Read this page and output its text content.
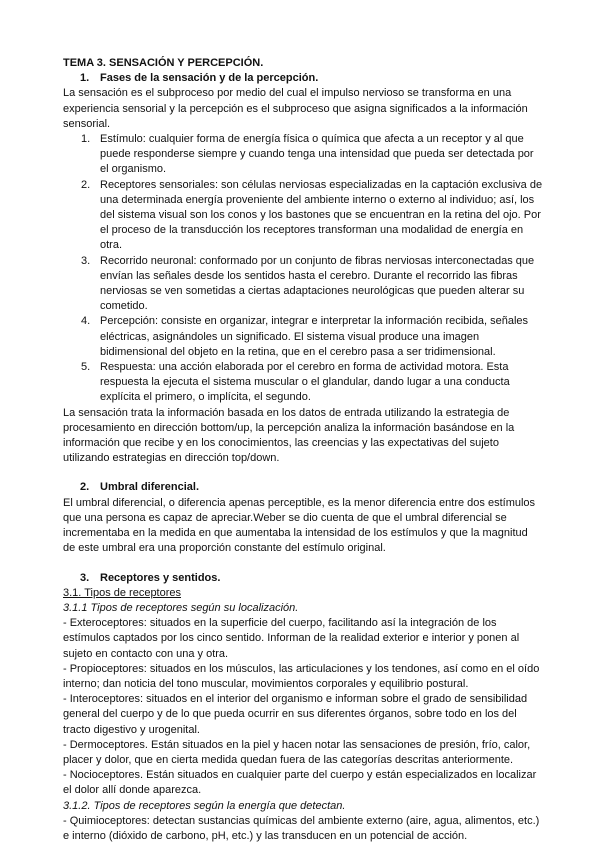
TEMA 3. SENSACIÓN Y PERCEPCIÓN.

1. Fases de la sensación y de la percepción.

La sensación es el subproceso por medio del cual el impulso nervioso se transforma en una experiencia sensorial y la percepción es el subproceso que asigna significados a la información sensorial.

1. Estímulo: cualquier forma de energía física o química que afecta a un receptor y al que puede responderse siempre y cuando tenga una intensidad que pueda ser detectada por el organismo.
2. Receptores sensoriales: son células nerviosas especializadas en la captación exclusiva de una determinada energía proveniente del ambiente interno o externo al individuo; así, los del sistema visual son los conos y los bastones que se encuentran en la retina del ojo. Por el proceso de la transducción los receptores transforman una modalidad de energía en otra.
3. Recorrido neuronal: conformado por un conjunto de fibras nerviosas interconectadas que envían las señales desde los sentidos hasta el cerebro. Durante el recorrido las fibras nerviosas se ven sometidas a ciertas adaptaciones neurológicas que pueden alterar su cometido.
4. Percepción: consiste en organizar, integrar e interpretar la información recibida, señales eléctricas, asignándoles un significado. El sistema visual produce una imagen bidimensional del objeto en la retina, que en el cerebro pasa a ser tridimensional.
5. Respuesta: una acción elaborada por el cerebro en forma de actividad motora. Esta respuesta la ejecuta el sistema muscular o el glandular, dando lugar a una conducta explícita el primero, o implícita, el segundo.

La sensación trata la información basada en los datos de entrada utilizando la estrategia de procesamiento en dirección bottom/up, la percepción analiza la información basándose en la información que recibe y en los conocimientos, las creencias y las expectativas del sujeto utilizando estrategias en dirección top/down.

2. Umbral diferencial.

El umbral diferencial, o diferencia apenas perceptible, es la menor diferencia entre dos estímulos que una persona es capaz de apreciar.Weber se dio cuenta de que el umbral diferencial se incrementaba en la medida en que aumentaba la intensidad de los estímulos y que la magnitud de este umbral era una proporción constante del estímulo original.

3. Receptores y sentidos.

3.1. Tipos de receptores

3.1.1 Tipos de receptores según su localización.

- Exteroceptores: situados en la superficie del cuerpo, facilitando así la integración de los estímulos captados por los cinco sentido. Informan de la realidad exterior e interior y ponen al sujeto en contacto con una y otra.

- Propioceptores: situados en los músculos, las articulaciones y los tendones, así como en el oído interno; dan noticia del tono muscular, movimientos corporales y equilibrio postural.

- Interoceptores: situados en el interior del organismo e informan sobre el grado de sensibilidad general del cuerpo y de lo que pueda ocurrir en sus diferentes órganos, sobre todo en los del tracto digestivo y urogenital.

- Dermoceptores. Están situados en la piel y hacen notar las sensaciones de presión, frío, calor, placer y dolor, que en cierta medida quedan fuera de las categorías descritas anteriormente.

- Nocioceptores. Están situados en cualquier parte del cuerpo y están especializados en localizar el dolor allí donde aparezca.

3.1.2. Tipos de receptores según la energía que detectan.

- Quimioceptores: detectan sustancias químicas del ambiente externo (aire, agua, alimentos, etc.) e interno (dióxido de carbono, pH, etc.) y las transducen en un potencial de acción.
